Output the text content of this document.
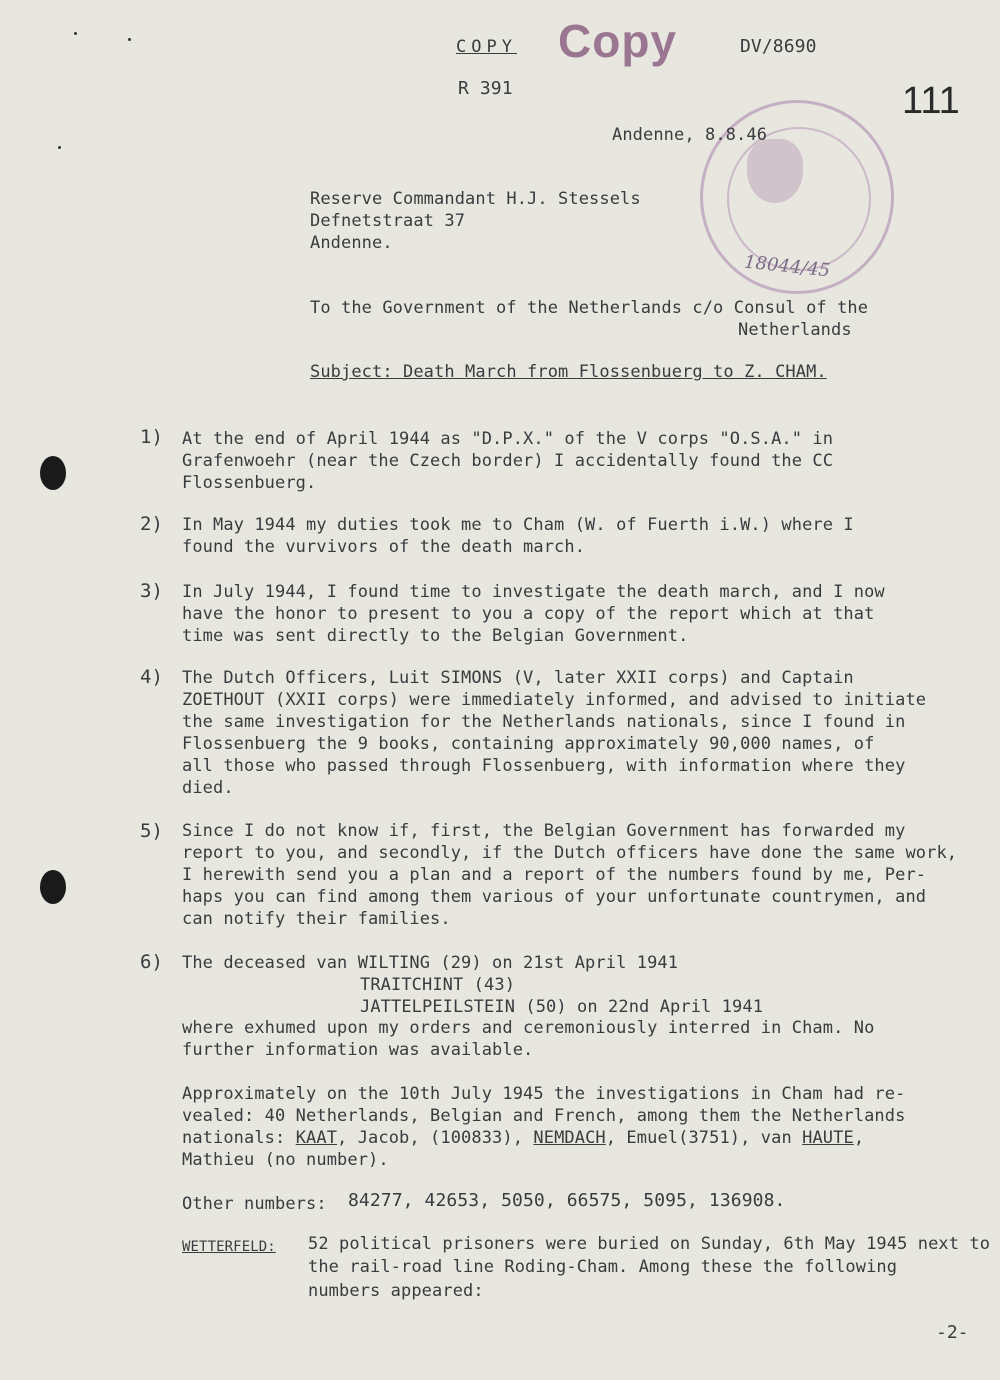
COPY Copy	DV/8690
R 391	111
18044/45
Andenne, 8.8.46
Reserve Commandant H.J. Stessels
Defnetstraat 37
Andenne.
To the Government of the Netherlands c/o Consul of the
Netherlands
Subject: Death March from Flossenbuerg to Z. CHAM.
1) At the end of April 1944 as "D.P.X." of the V corps "O.S.A." in
Grafenwoehr (near the Czech border) I accidentally found the CC
Flossenbuerg.
2) In May 1944 my duties took me to Cham (W. of Fuerth i.W.) where I
found the vurvivors of the death march.
3) In July 1944, I found time to investigate the death march, and I now
have the honor to present to you a copy of the report which at that
time was sent directly to the Belgian Government.
4) The Dutch Officers, Luit SIMONS (V, later XXII corps) and Captain
ZOETHOUT (XXII corps) were immediately informed, and advised to initiate
the same investigation for the Netherlands nationals, since I found in
Flossenbuerg the 9 books, containing approximately 90,000 names, of
all those who passed through Flossenbuerg, with information where they
died.
5) Since I do not know if, first, the Belgian Government has forwarded my
report to you, and secondly, if the Dutch officers have done the same work,
I herewith send you a plan and a report of the numbers found by me, Per-
haps you can find among them various of your unfortunate countrymen, and
can notify their families.
6) The deceased van WILTING (29) on 21st April 1941
TRAITCHINT (43)
JATTELPEILSTEIN (50) on 22nd April 1941
where exhumed upon my orders and ceremoniously interred in Cham. No
further information was available.
Approximately on the 10th July 1945 the investigations in Cham had re-
vealed: 40 Netherlands, Belgian and French, among them the Netherlands
nationals: KAAT, Jacob, (100833), NEMDACH, Emuel(3751), van HAUTE,
Mathieu (no number).
Other numbers: 84277, 42653, 5050, 66575, 5095, 136908.
WETTERFELD: 52 political prisoners were buried on Sunday, 6th May 1945 next to
the rail-road line Roding-Cham. Among these the following
numbers appeared:
-2-
